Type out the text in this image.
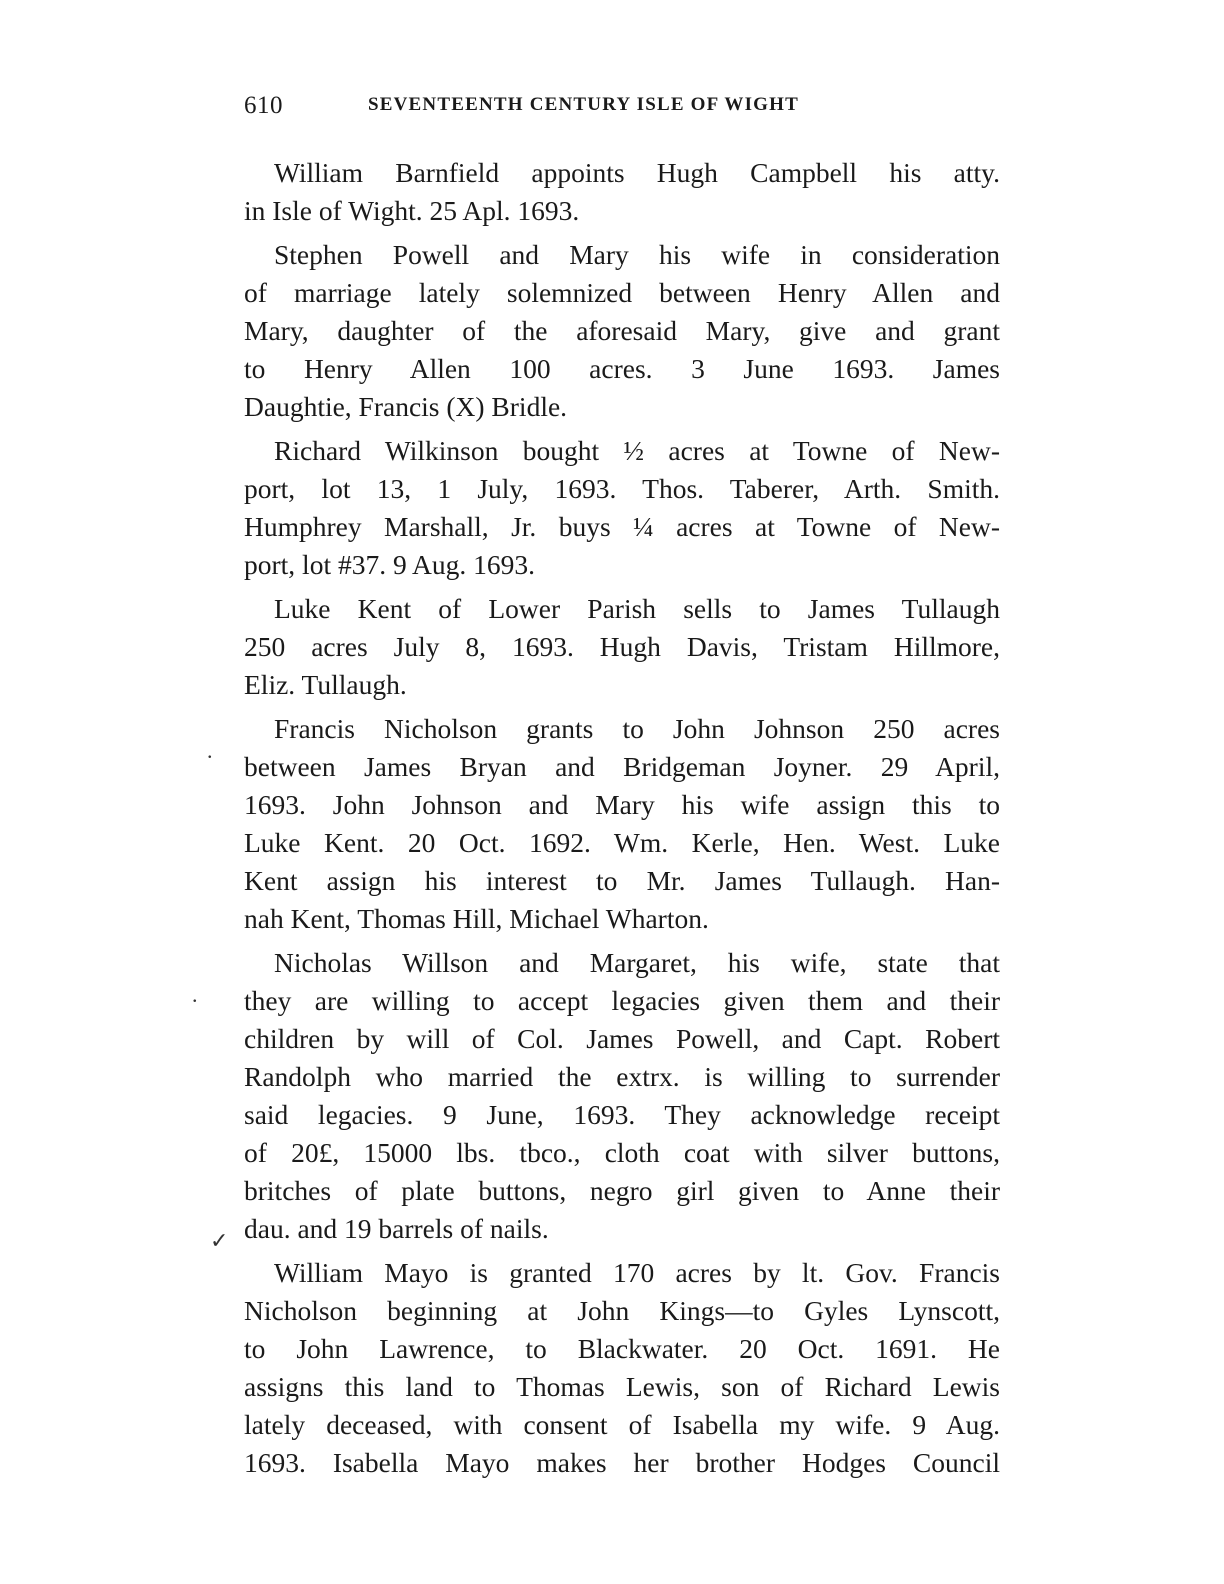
610	SEVENTEENTH CENTURY ISLE OF WIGHT
William Barnfield appoints Hugh Campbell his atty.
in Isle of Wight. 25 Apl. 1693.
Stephen Powell and Mary his wife in consideration
of marriage lately solemnized between Henry Allen and
Mary, daughter of the aforesaid Mary, give and grant
to Henry Allen 100 acres. 3 June 1693. James
Daughtie, Francis (X) Bridle.
Richard Wilkinson bought ½ acres at Towne of New-
port, lot 13, 1 July, 1693. Thos. Taberer, Arth. Smith.
Humphrey Marshall, Jr. buys ¼ acres at Towne of New-
port, lot #37. 9 Aug. 1693.
Luke Kent of Lower Parish sells to James Tullaugh
250 acres July 8, 1693. Hugh Davis, Tristam Hillmore,
Eliz. Tullaugh.
Francis Nicholson grants to John Johnson 250 acres
between James Bryan and Bridgeman Joyner. 29 April,
1693. John Johnson and Mary his wife assign this to
Luke Kent. 20 Oct. 1692. Wm. Kerle, Hen. West. Luke
Kent assign his interest to Mr. James Tullaugh. Han-
nah Kent, Thomas Hill, Michael Wharton.
Nicholas Willson and Margaret, his wife, state that
they are willing to accept legacies given them and their
children by will of Col. James Powell, and Capt. Robert
Randolph who married the extrx. is willing to surrender
said legacies. 9 June, 1693. They acknowledge receipt
of 20£, 15000 lbs. tbco., cloth coat with silver buttons,
britches of plate buttons, negro girl given to Anne their
dau. and 19 barrels of nails.
William Mayo is granted 170 acres by lt. Gov. Francis
Nicholson beginning at John Kings—to Gyles Lynscott,
to John Lawrence, to Blackwater. 20 Oct. 1691. He
assigns this land to Thomas Lewis, son of Richard Lewis
lately deceased, with consent of Isabella my wife. 9 Aug.
1693. Isabella Mayo makes her brother Hodges Council
.
.
✓
